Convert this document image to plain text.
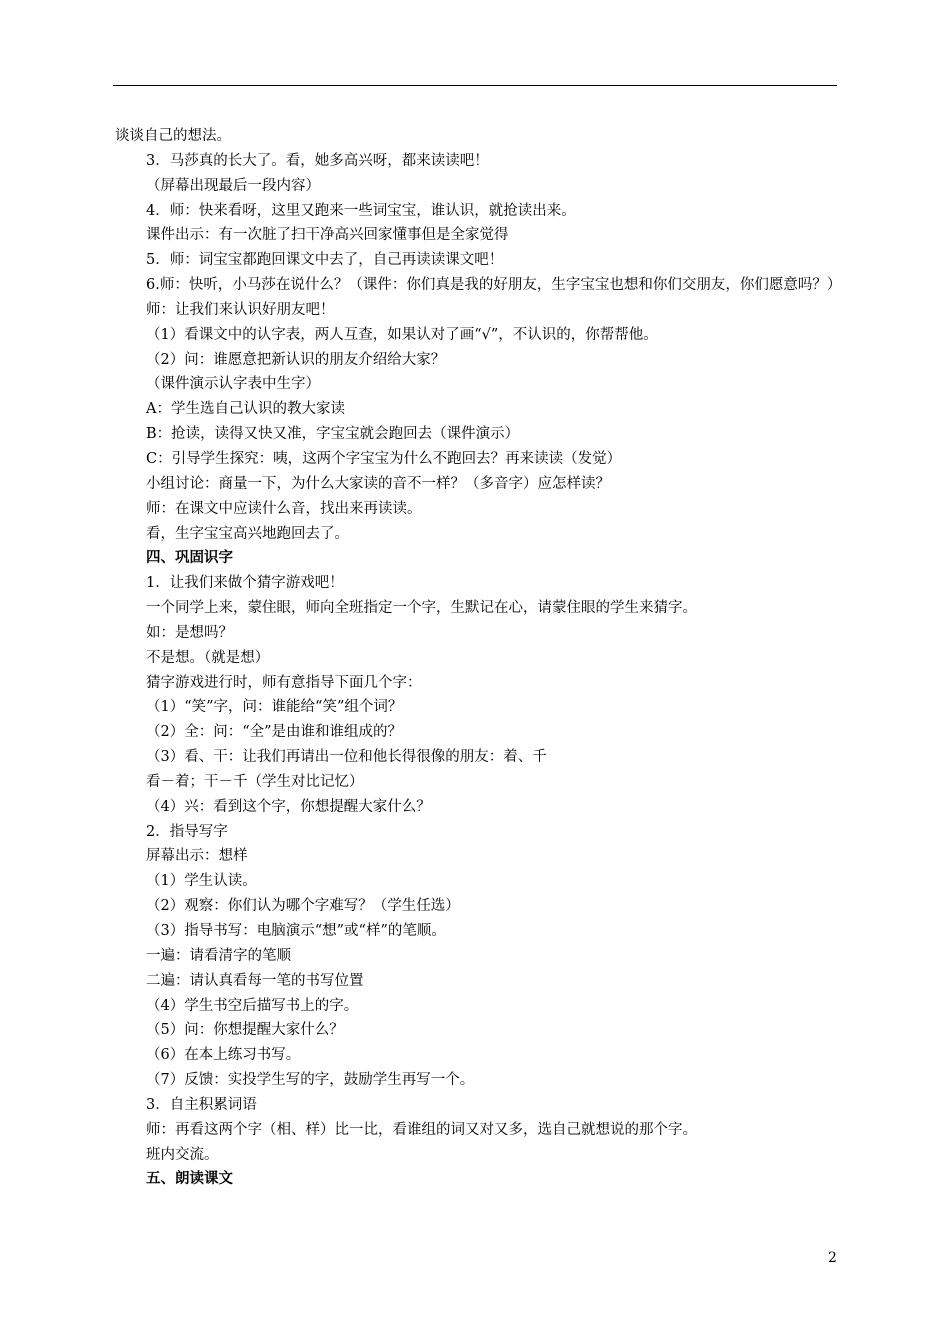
谈谈自己的想法。
3．马莎真的长大了。看，她多高兴呀，都来读读吧！
（屏幕出现最后一段内容）
4．师：快来看呀，这里又跑来一些词宝宝，谁认识，就抢读出来。
课件出示：有一次脏了扫干净高兴回家懂事但是全家觉得
5．师：词宝宝都跑回课文中去了，自己再读读课文吧！
6.师：快听，小马莎在说什么？（课件：你们真是我的好朋友，生字宝宝也想和你们交朋友，你们愿意吗？）
师：让我们来认识好朋友吧！
（1）看课文中的认字表，两人互查，如果认对了画“√”，不认识的，你帮帮他。
（2）问：谁愿意把新认识的朋友介绍给大家？
（课件演示认字表中生字）
A：学生选自己认识的教大家读
B：抢读，读得又快又准，字宝宝就会跑回去（课件演示）
C：引导学生探究：咦，这两个字宝宝为什么不跑回去？再来读读（发觉）
小组讨论：商量一下，为什么大家读的音不一样？（多音字）应怎样读？
师：在课文中应读什么音，找出来再读读。
看，生字宝宝高兴地跑回去了。
四、巩固识字
1．让我们来做个猜字游戏吧！
一个同学上来，蒙住眼，师向全班指定一个字，生默记在心，请蒙住眼的学生来猜字。
如：是想吗？
不是想。（就是想）
猜字游戏进行时，师有意指导下面几个字：
（1）“笑”字，问：谁能给“笑”组个词？
（2）全：问：“全”是由谁和谁组成的？
（3）看、干：让我们再请出一位和他长得很像的朋友：着、千
看－着；干－千（学生对比记忆）
（4）兴：看到这个字，你想提醒大家什么？
2．指导写字
屏幕出示：想样
（1）学生认读。
（2）观察：你们认为哪个字难写？（学生任选）
（3）指导书写：电脑演示“想”或“样”的笔顺。
一遍：请看清字的笔顺
二遍：请认真看每一笔的书写位置
（4）学生书空后描写书上的字。
（5）问：你想提醒大家什么？
（6）在本上练习书写。
（7）反馈：实投学生写的字，鼓励学生再写一个。
3．自主积累词语
师：再看这两个字（相、样）比一比，看谁组的词又对又多，选自己就想说的那个字。
班内交流。
五、朗读课文
2
